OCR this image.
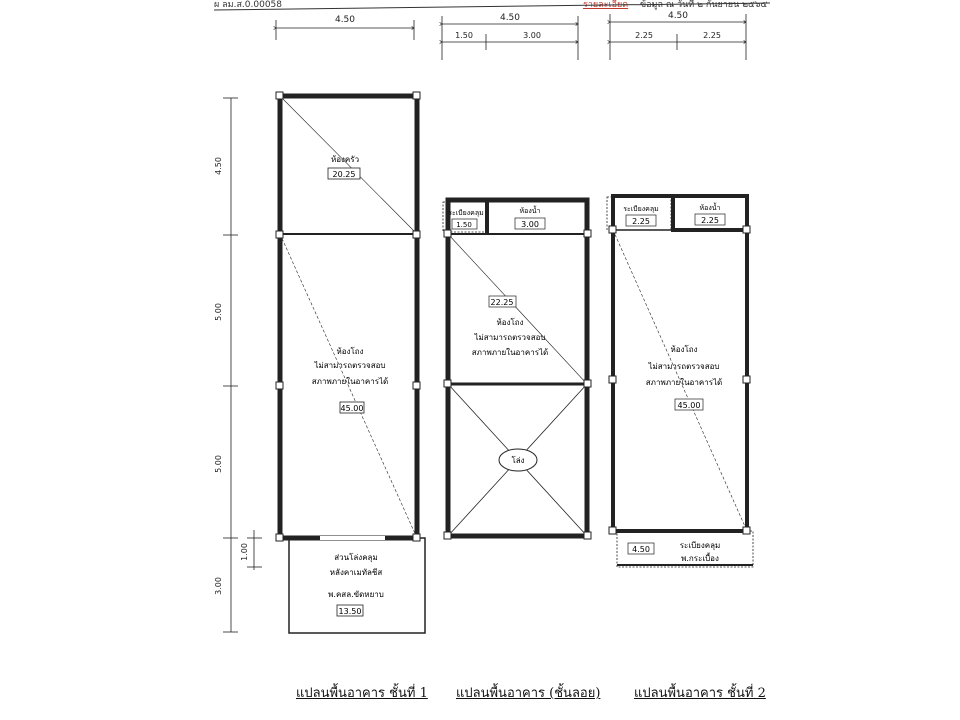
ผ ลม.ส.0.00058	ข้อมูล ณ วันที่ ๒ กันยายน ๒๕๖๕
4.50
4.50
5.00
5.00
3.00
1.00
ห้องครัว
20.25
ห้องโถง
ไม่สามารถตรวจสอบ
สภาพภายในอาคารได้
45.00
ส่วนโล่งคลุม
หลังคาเมทัลชีส
พ.คสล.ขัดหยาบ
13.50
4.50
1.50	3.00
ระเบียงคลุม
1.50
ห้องน้ำ
3.00
22.25
ห้องโถง
ไม่สามารถตรวจสอบ
สภาพภายในอาคารได้
โล่ง
4.50
2.25	2.25
ระเบียงคลุม
2.25
ห้องน้ำ
2.25
ห้องโถง
ไม่สามารถตรวจสอบ
สภาพภายในอาคารได้
45.00
4.50	ระเบียงคลุม
พ.กระเบื้อง
แปลนพื้นอาคาร ชั้นที่ 1 แปลนพื้นอาคาร (ชั้นลอย)	แปลนพื้นอาคาร ชั้นที่ 2
